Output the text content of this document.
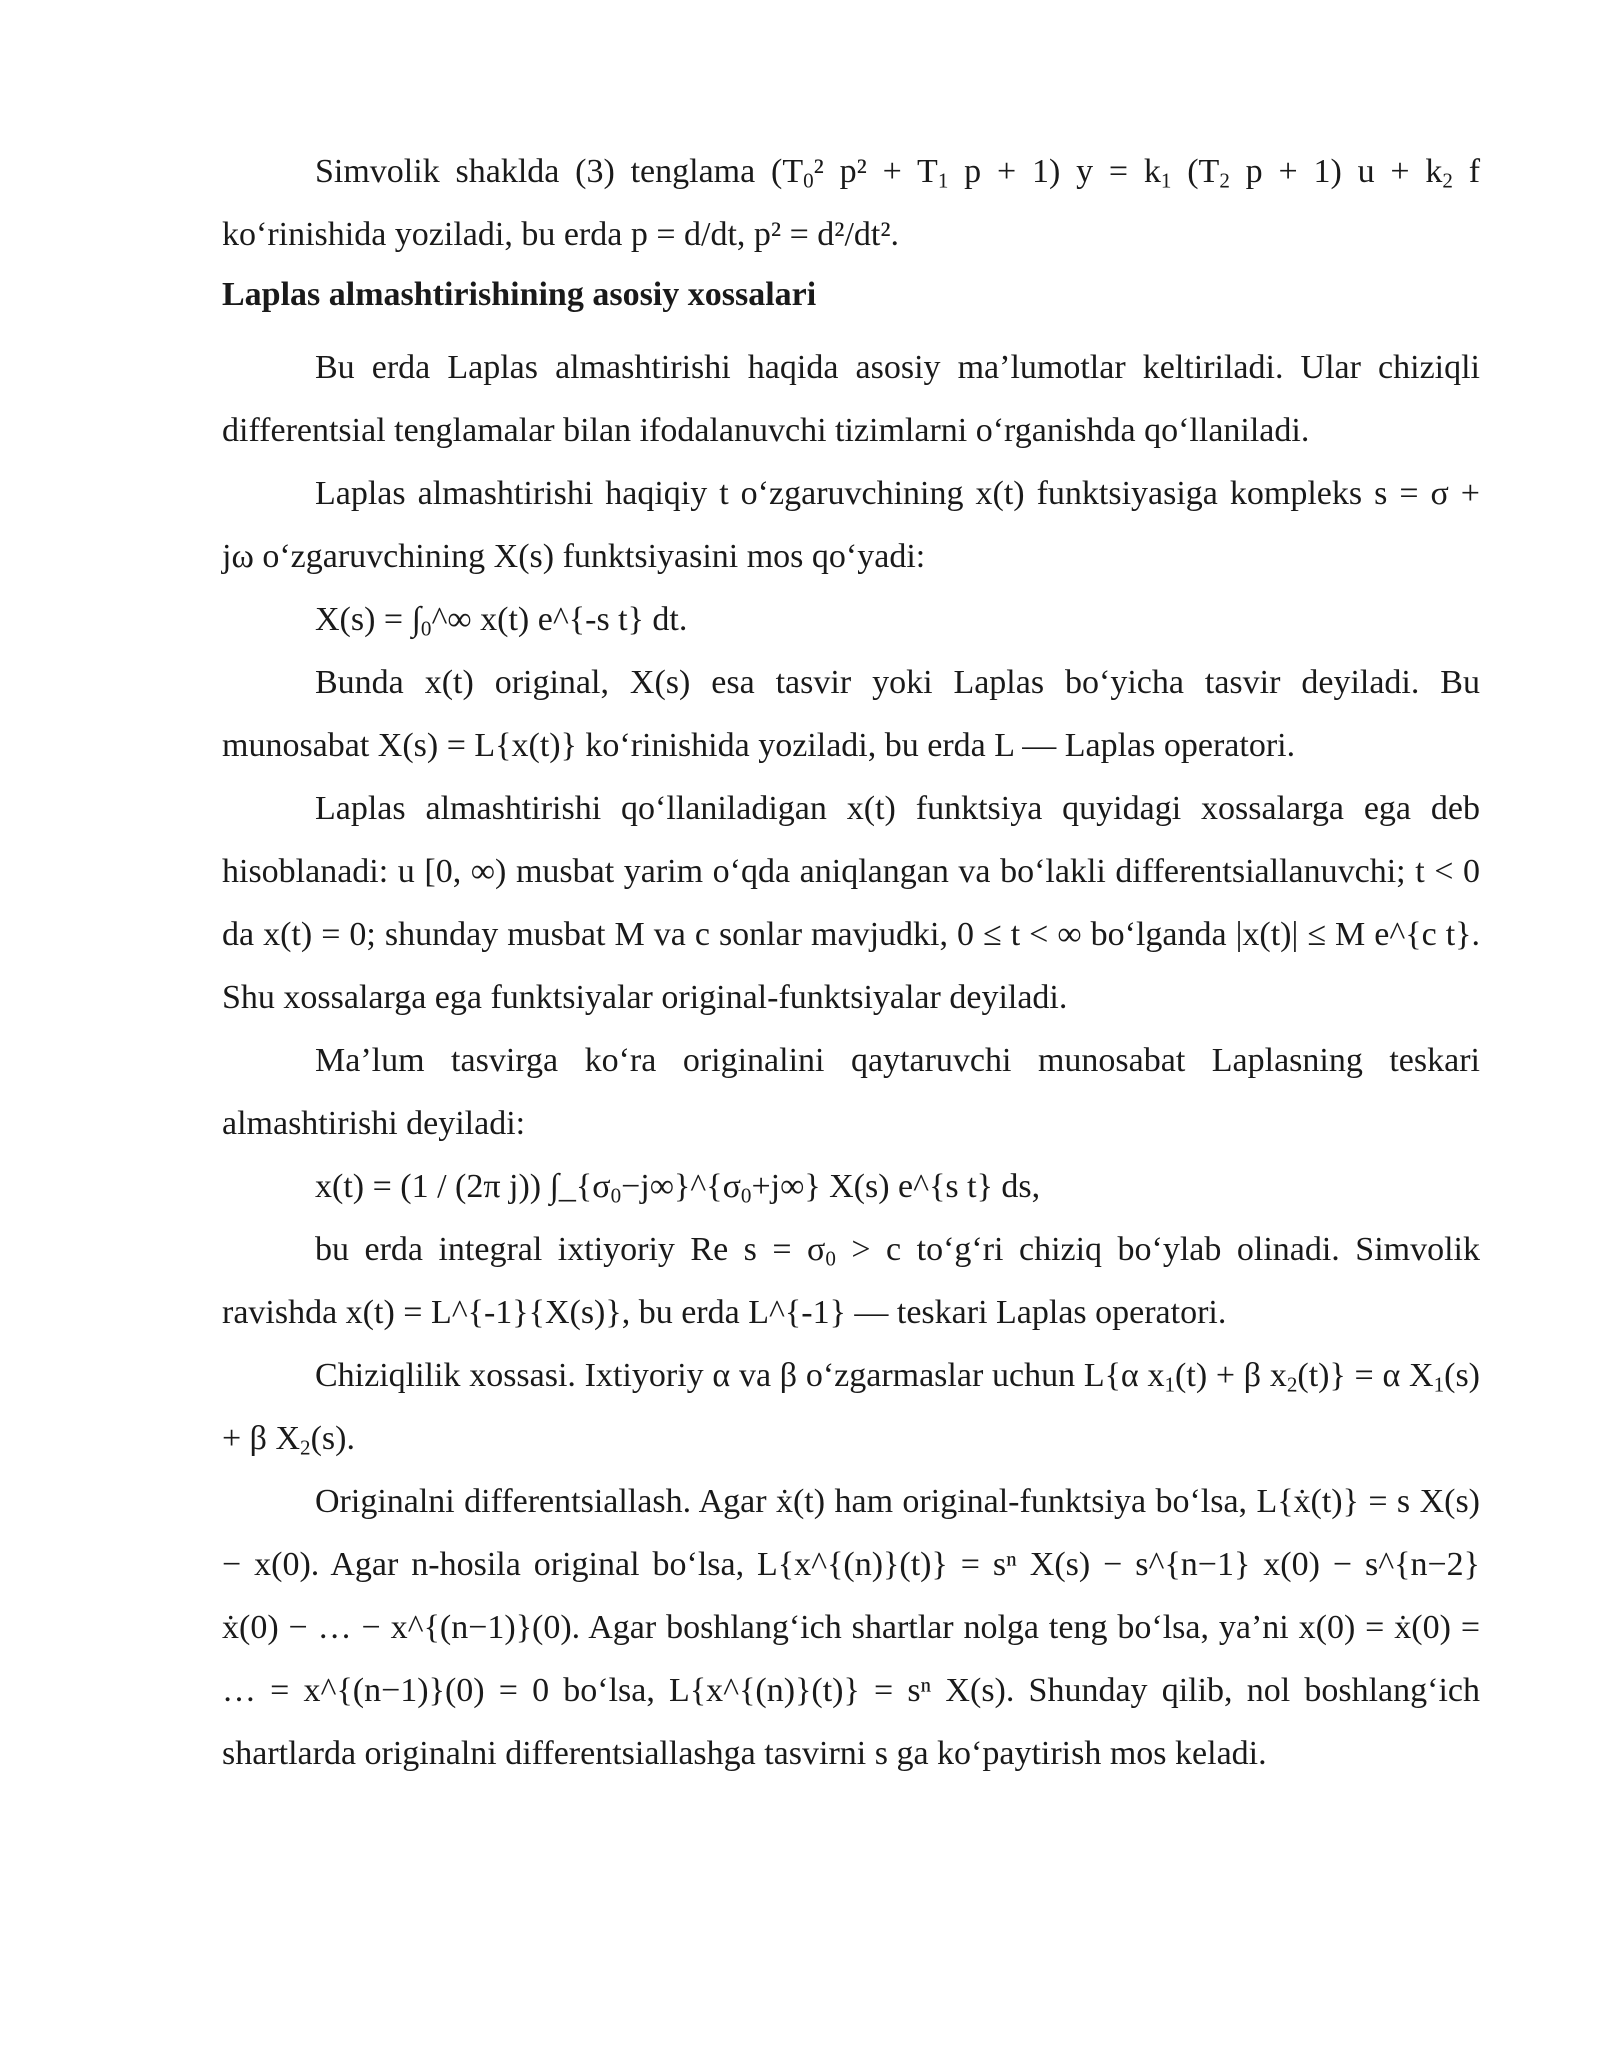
Simvolik shaklda (3) tenglama ($T_0^2$ $p^2 + T_1$ p + 1) $y = k_1$ ($T_2$ p + 1) $u + k_2$ f ko‘rinishida yoziladi, bu erda p = d/dt, p² = d²/dt².

Laplas almashtirishining asosiy xossalari

Bu erda Laplas almashtirishi haqida asosiy ma’lumotlar keltiriladi. Ular chiziqli differentsial tenglamalar bilan ifodalanuvchi tizimlarni o‘rganishda qo‘llaniladi.

Laplas almashtirishi haqiqiy t o‘zgaruvchining x(t) funktsiyasiga kompleks s = σ + jω o‘zgaruvchining X(s) funktsiyasini mos qo‘yadi:

$X(s) = \int_0\^{}\infty$ x(t) e^{-s t} dt.

Bunda x(t) original, X(s) esa tasvir yoki Laplas bo‘yicha tasvir deyiladi. Bu munosabat X(s) = L{x(t)} ko‘rinishida yoziladi, bu erda L — Laplas operatori.

Laplas almashtirishi qo‘llaniladigan x(t) funktsiya quyidagi xossalarga ega deb hisoblanadi: u [0, ∞) musbat yarim o‘qda aniqlangan va bo‘lakli differentsiallanuvchi; t < 0 da x(t) = 0; shunday musbat M va c sonlar mavjudki, 0 ≤ t < ∞ bo‘lganda |x(t)| ≤ M e^{c t}. Shu xossalarga ega funktsiyalar original-funktsiyalar deyiladi.

Ma’lum tasvirga ko‘ra originalini qaytaruvchi munosabat Laplasning teskari almashtirishi deyiladi:

x(t) = (1 / (2π j)) $\int\_\{\sigma_0-j\infty\}\^{}\{\sigma_0+j\infty\}$ X(s) e^{s t} ds,

bu erda integral ixtiyoriy Re $s = \sigma_0 > c$ to‘g‘ri chiziq bo‘ylab olinadi. Simvolik ravishda x(t) = L^{-1}{X(s)}, bu erda L^{-1} — teskari Laplas operatori.

Chiziqlilik xossasi. Ixtiyoriy α va β o‘zgarmaslar uchun L{α $x_1(t) + \beta$ $x_2(t)\} = \alpha$ $X_1(s) + \beta$ $X_2(s)$.

Originalni differentsiallash. Agar ẋ(t) ham original-funktsiya bo‘lsa, L{ẋ(t)} = s X(s) − x(0). Agar n-hosila original bo‘lsa, L{x^{(n)}(t)} = sⁿ X(s) − s^{n−1} x(0) − s^{n−2} ẋ(0) − … − x^{(n−1)}(0). Agar boshlang‘ich shartlar nolga teng bo‘lsa, ya’ni x(0) = ẋ(0) = … = x^{(n−1)}(0) = 0 bo‘lsa, L{x^{(n)}(t)} = sⁿ X(s). Shunday qilib, nol boshlang‘ich shartlarda originalni differentsiallashga tasvirni s ga ko‘paytirish mos keladi.
